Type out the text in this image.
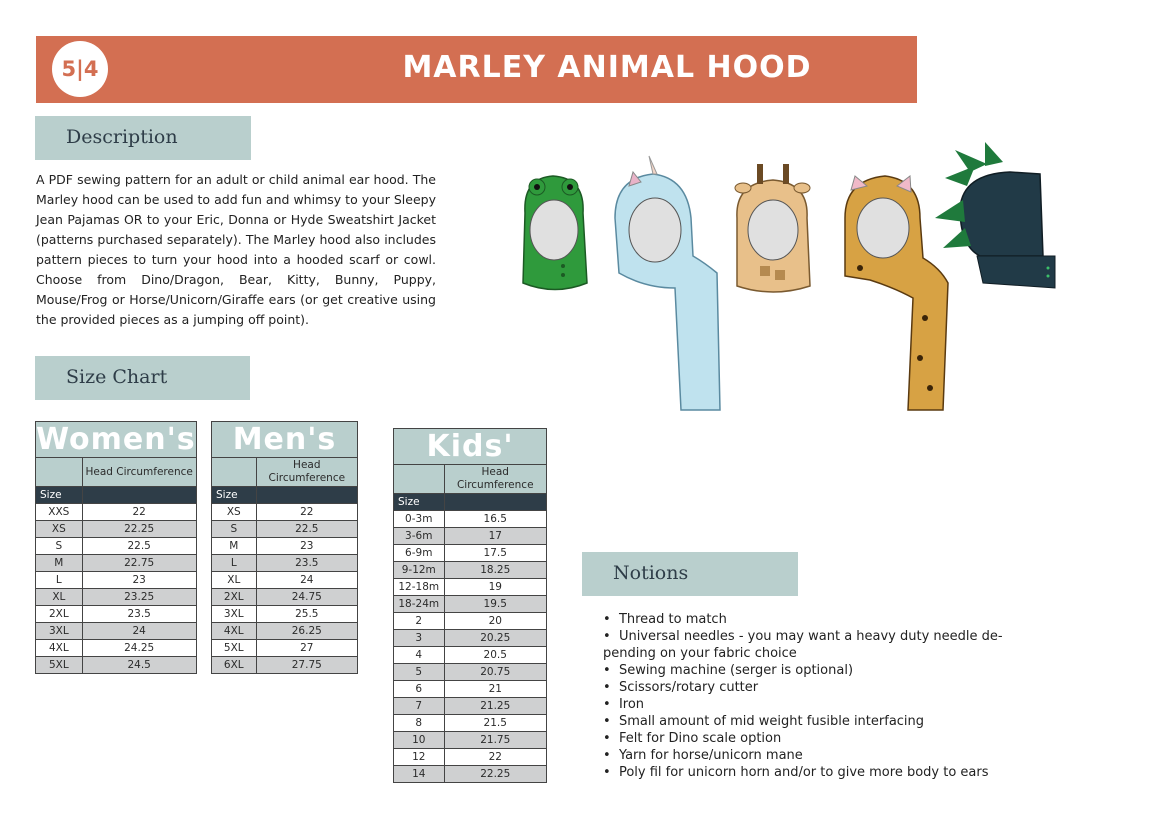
5|4	MARLEY ANIMAL HOOD
Description
A PDF sewing pattern for an adult or child animal ear hood. The Marley hood can be used to add fun and whimsy to your Sleepy Jean Pajamas OR to your Eric, Donna or Hyde Sweatshirt Jacket (patterns purchased separately). The Marley hood also includes pattern pieces to turn your hood into a hooded scarf or cowl. Choose from Dino/Dragon, Bear, Kitty, Bunny, Puppy, Mouse/Frog or Horse/Unicorn/Giraffe ears (or get creative using the provided pieces as a jumping off point).
Size Chart
Women's	
	Head Circumference
Size	
XXS	22
XS	22.25
S	22.5
M	22.75
L	23
XL	23.25
2XL	23.5
3XL	24
4XL	24.25
5XL	24.5
Men's	
	Head Circumference
Size	
XS	22
S	22.5
M	23
L	23.5
XL	24
2XL	24.75
3XL	25.5
4XL	26.25
5XL	27
6XL	27.75
Kids'	
	Head Circumference
Size	
0-3m	16.5
3-6m	17
6-9m	17.5
9-12m	18.25
12-18m	19
18-24m	19.5
2	20
3	20.25
4	20.5
5	20.75
6	21
7	21.25
8	21.5
10	21.75
12	22
14	22.25
Notions
•  Thread to match
•  Universal needles - you may want a heavy duty needle de-pending on your fabric choice
•  Sewing machine (serger is optional)
•  Scissors/rotary cutter
•  Iron
•  Small amount of mid weight fusible interfacing
•  Felt for Dino scale option
•  Yarn for horse/unicorn mane
•  Poly fil for unicorn horn and/or to give more body to ears
